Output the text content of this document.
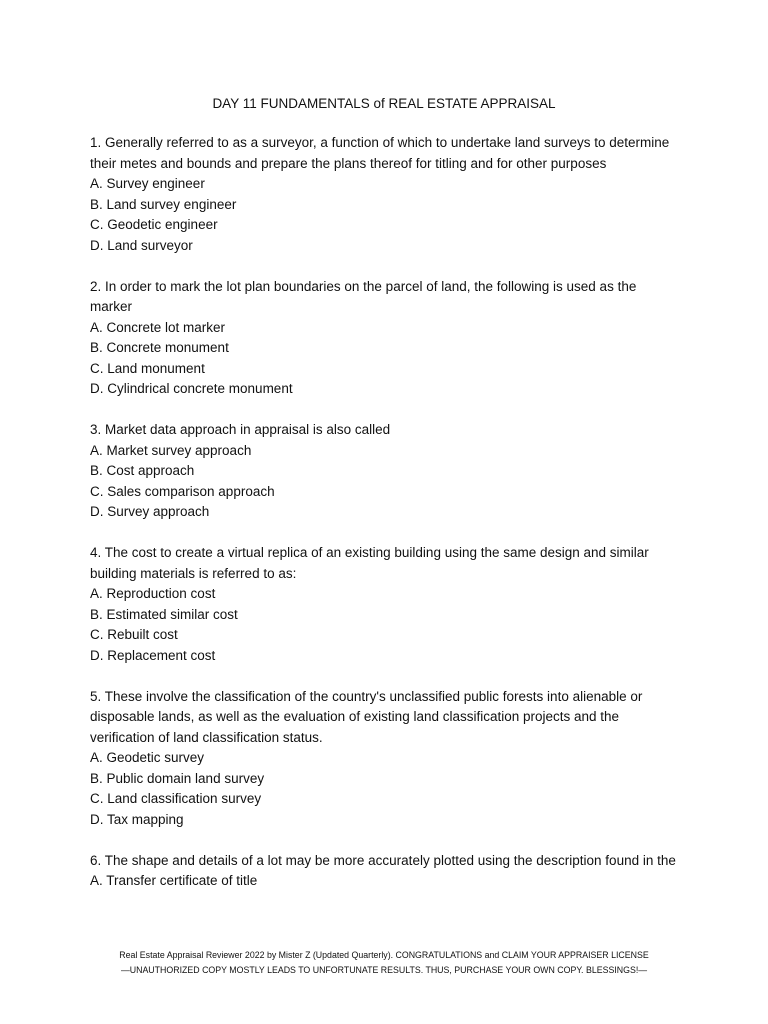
DAY 11 FUNDAMENTALS of REAL ESTATE APPRAISAL

1. Generally referred to as a surveyor, a function of which to undertake land surveys to determine their metes and bounds and prepare the plans thereof for titling and for other purposes

A. Survey engineer

B. Land survey engineer

C. Geodetic engineer

D. Land surveyor

2. In order to mark the lot plan boundaries on the parcel of land, the following is used as the marker

A. Concrete lot marker

B. Concrete monument

C. Land monument

D. Cylindrical concrete monument

3. Market data approach in appraisal is also called

A. Market survey approach

B. Cost approach

C. Sales comparison approach

D. Survey approach

4. The cost to create a virtual replica of an existing building using the same design and similar building materials is referred to as:

A. Reproduction cost

B. Estimated similar cost

C. Rebuilt cost

D. Replacement cost

5. These involve the classification of the country's unclassified public forests into alienable or disposable lands, as well as the evaluation of existing land classification projects and the verification of land classification status.

A. Geodetic survey

B. Public domain land survey

C. Land classification survey

D. Tax mapping

6. The shape and details of a lot may be more accurately plotted using the description found in the

A. Transfer certificate of title

Real Estate Appraisal Reviewer 2022 by Mister Z (Updated Quarterly). CONGRATULATIONS and CLAIM YOUR APPRAISER LICENSE
—UNAUTHORIZED COPY MOSTLY LEADS TO UNFORTUNATE RESULTS. THUS, PURCHASE YOUR OWN COPY. BLESSINGS!—
